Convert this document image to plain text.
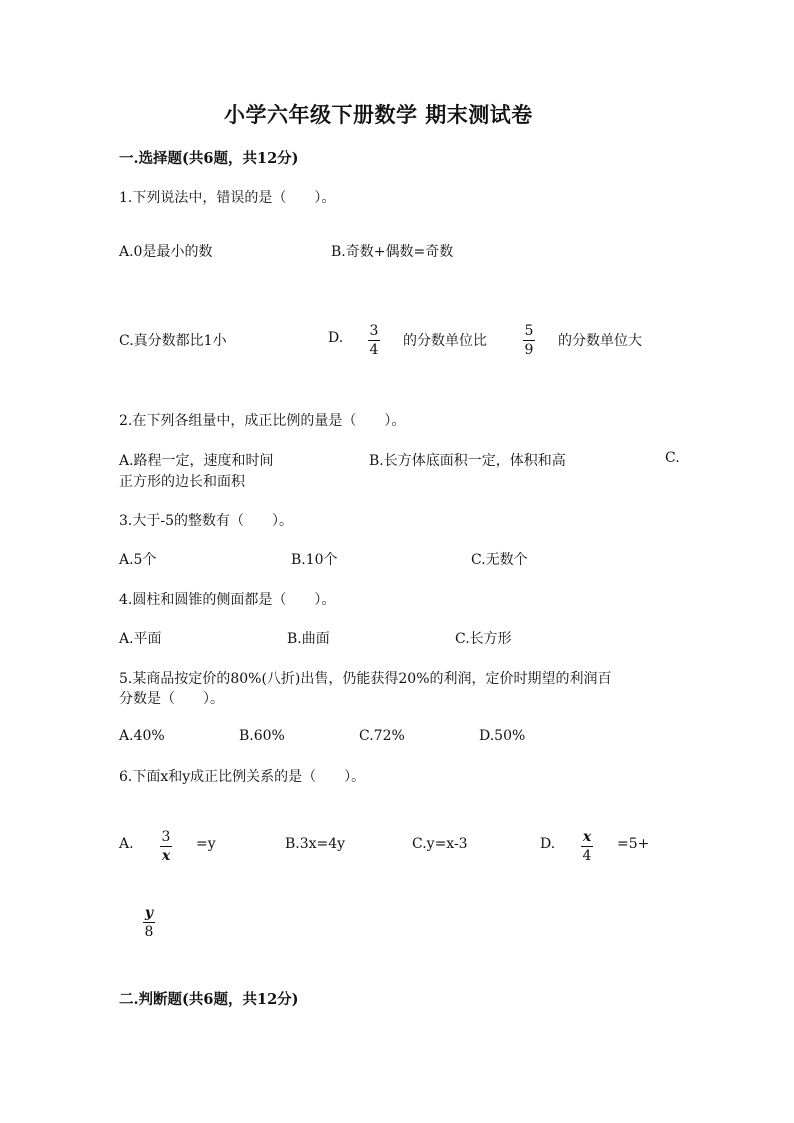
小学六年级下册数学 期末测试卷
一.选择题(共6题，共12分)
1.下列说法中，错误的是（　　）。
A.0是最小的数	B.奇数+偶数=奇数
C.真分数都比1小	D. 3
4
的分数单位比
5
9
的分数单位大
2.在下列各组量中，成正比例的量是（　　）。
A.路程一定，速度和时间	B.长方体底面积一定，体积和高	C.
正方形的边长和面积
3.大于-5的整数有（　　）。
A.5个	B.10个	C.无数个
4.圆柱和圆锥的侧面都是（　　）。
A.平面	B.曲面	C.长方形
5.某商品按定价的80%(八折)出售，仍能获得20%的利润，定价时期望的利润百
分数是（　　）。
A.40%	B.60%	C.72%	D.50%
6.下面x和y成正比例关系的是（　　）。
A. 3
x
=y	B.3x=4y	C.y=x-3	D. x
4
=5+
y
8
二.判断题(共6题，共12分)
